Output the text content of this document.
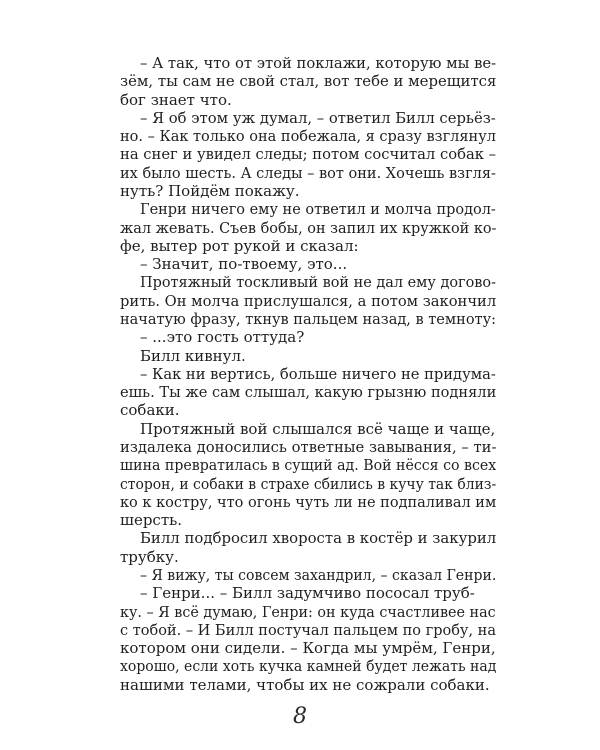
– А так, что от этой поклажи, которую мы ве-
зём, ты сам не свой стал, вот тебе и мерещится
бог знает что.
– Я об этом уж думал, – ответил Билл серьёз-
но. – Как только она побежала, я сразу взглянул
на снег и увидел следы; потом сосчитал собак –
их было шесть. А следы – вот они. Хочешь взгля-
нуть? Пойдём покажу.
Генри ничего ему не ответил и молча продол-
жал жевать. Съев бобы, он запил их кружкой ко-
фе, вытер рот рукой и сказал:
– Значит, по-твоему, это...
Протяжный тоскливый вой не дал ему догово-
рить. Он молча прислушался, а потом закончил
начатую фразу, ткнув пальцем назад, в темноту:
– ...это гость оттуда?
Билл кивнул.
– Как ни вертись, больше ничего не придума-
ешь. Ты же сам слышал, какую грызню подняли
собаки.
Протяжный вой слышался всё чаще и чаще,
издалека доносились ответные завывания, – ти-
шина превратилась в сущий ад. Вой нёсся со всех
сторон, и собаки в страхе сбились в кучу так близ-
ко к костру, что огонь чуть ли не подпаливал им
шерсть.
Билл подбросил хвороста в костёр и закурил
трубку.
– Я вижу, ты совсем захандрил, – сказал Генри.
– Генри... – Билл задумчиво пососал труб-
ку. – Я всё думаю, Генри: он куда счастливее нас
с тобой. – И Билл постучал пальцем по гробу, на
котором они сидели. – Когда мы умрём, Генри,
хорошо, если хоть кучка камней будет лежать над
нашими телами, чтобы их не сожрали собаки.
8
